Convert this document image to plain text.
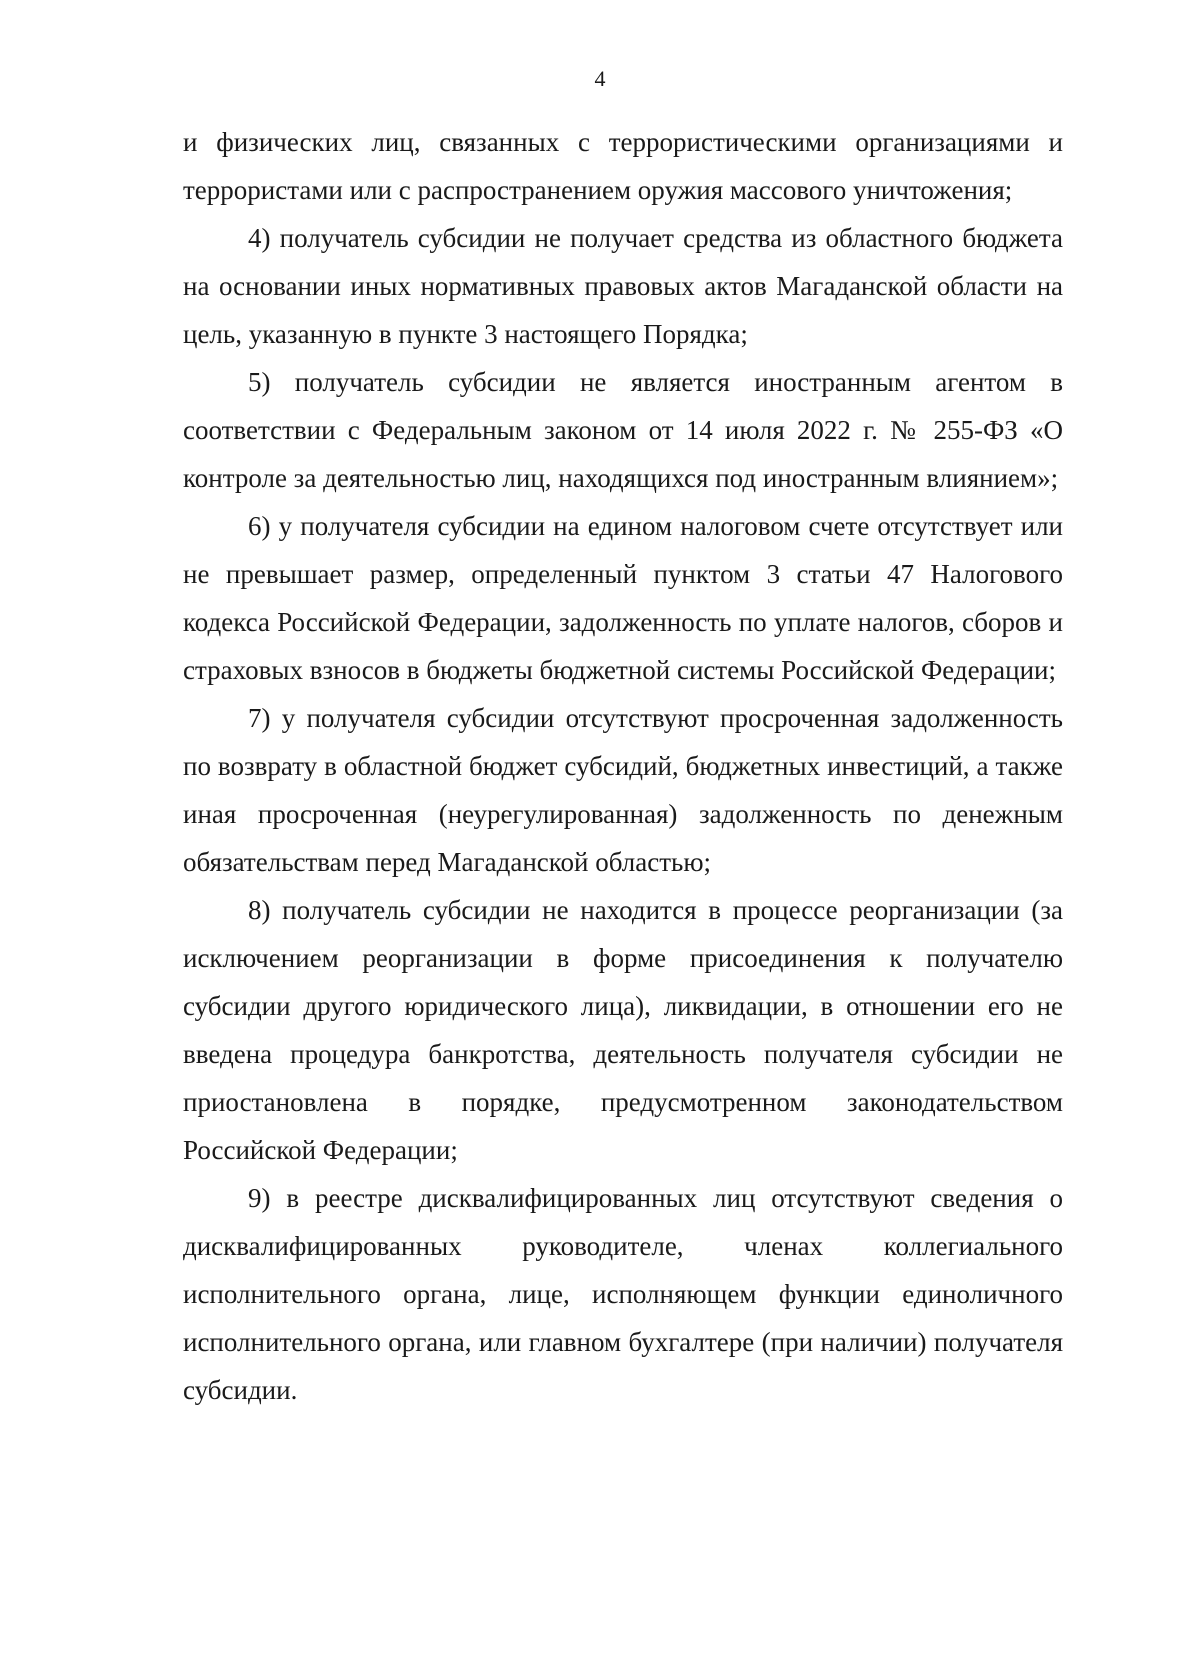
4

и физических лиц, связанных с террористическими организациями и террористами или с распространением оружия массового уничтожения;

4) получатель субсидии не получает средства из областного бюджета на основании иных нормативных правовых актов Магаданской области на цель, указанную в пункте 3 настоящего Порядка;

5) получатель субсидии не является иностранным агентом в соответствии с Федеральным законом от 14 июля 2022 г. № 255-ФЗ «О контроле за деятельностью лиц, находящихся под иностранным влиянием»;

6) у получателя субсидии на едином налоговом счете отсутствует или не превышает размер, определенный пунктом 3 статьи 47 Налогового кодекса Российской Федерации, задолженность по уплате налогов, сборов и страховых взносов в бюджеты бюджетной системы Российской Федерации;

7) у получателя субсидии отсутствуют просроченная задолженность по возврату в областной бюджет субсидий, бюджетных инвестиций, а также иная просроченная (неурегулированная) задолженность по денежным обязательствам перед Магаданской областью;

8) получатель субсидии не находится в процессе реорганизации (за исключением реорганизации в форме присоединения к получателю субсидии другого юридического лица), ликвидации, в отношении его не введена процедура банкротства, деятельность получателя субсидии не приостановлена в порядке, предусмотренном законодательством Российской Федерации;

9) в реестре дисквалифицированных лиц отсутствуют сведения о дисквалифицированных руководителе, членах коллегиального исполнительного органа, лице, исполняющем функции единоличного исполнительного органа, или главном бухгалтере (при наличии) получателя субсидии.
